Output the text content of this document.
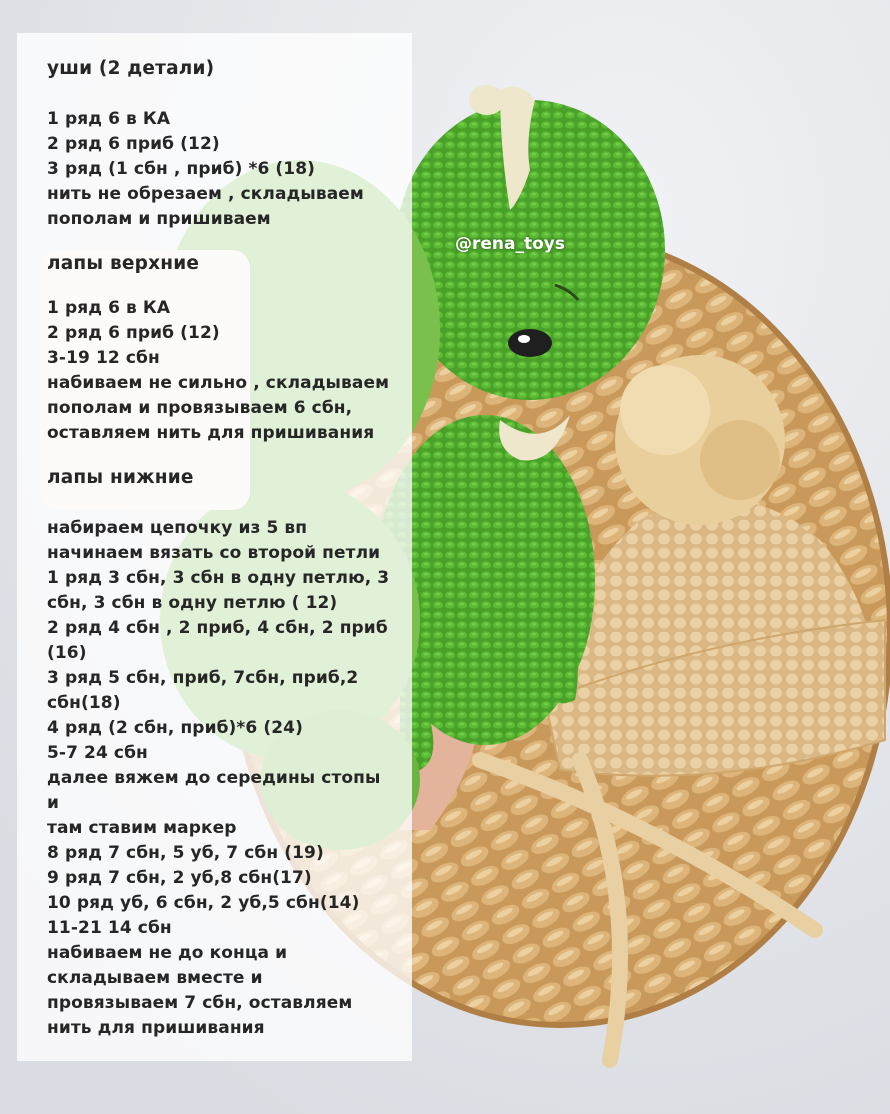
@rena_toys
уши (2 детали)
1 ряд 6 в КА
2 ряд 6 приб (12)
3 ряд (1 сбн , приб) *6 (18)
нить не обрезаем , складываем
пополам и пришиваем
лапы верхние
1 ряд 6 в КА
2 ряд 6 приб (12)
3-19 12 сбн
набиваем не сильно , складываем
пополам и провязываем 6 сбн,
оставляем нить для пришивания
лапы нижние
набираем цепочку из 5 вп
начинаем вязать со второй петли
1 ряд 3 сбн, 3 сбн в одну петлю, 3
сбн, 3 сбн в одну петлю ( 12)
2 ряд 4 сбн , 2 приб, 4 сбн, 2 приб
(16)
3 ряд 5 сбн, приб, 7сбн, приб,2
сбн(18)
4 ряд (2 сбн, приб)*6 (24)
5-7 24 сбн
далее вяжем до середины стопы и
там ставим маркер
8 ряд 7 сбн, 5 уб, 7 сбн (19)
9 ряд 7 сбн, 2 уб,8 сбн(17)
10 ряд уб, 6 сбн, 2 уб,5 сбн(14)
11-21 14 сбн
набиваем не до конца и
складываем вместе и
провязываем 7 сбн, оставляем
нить для пришивания
